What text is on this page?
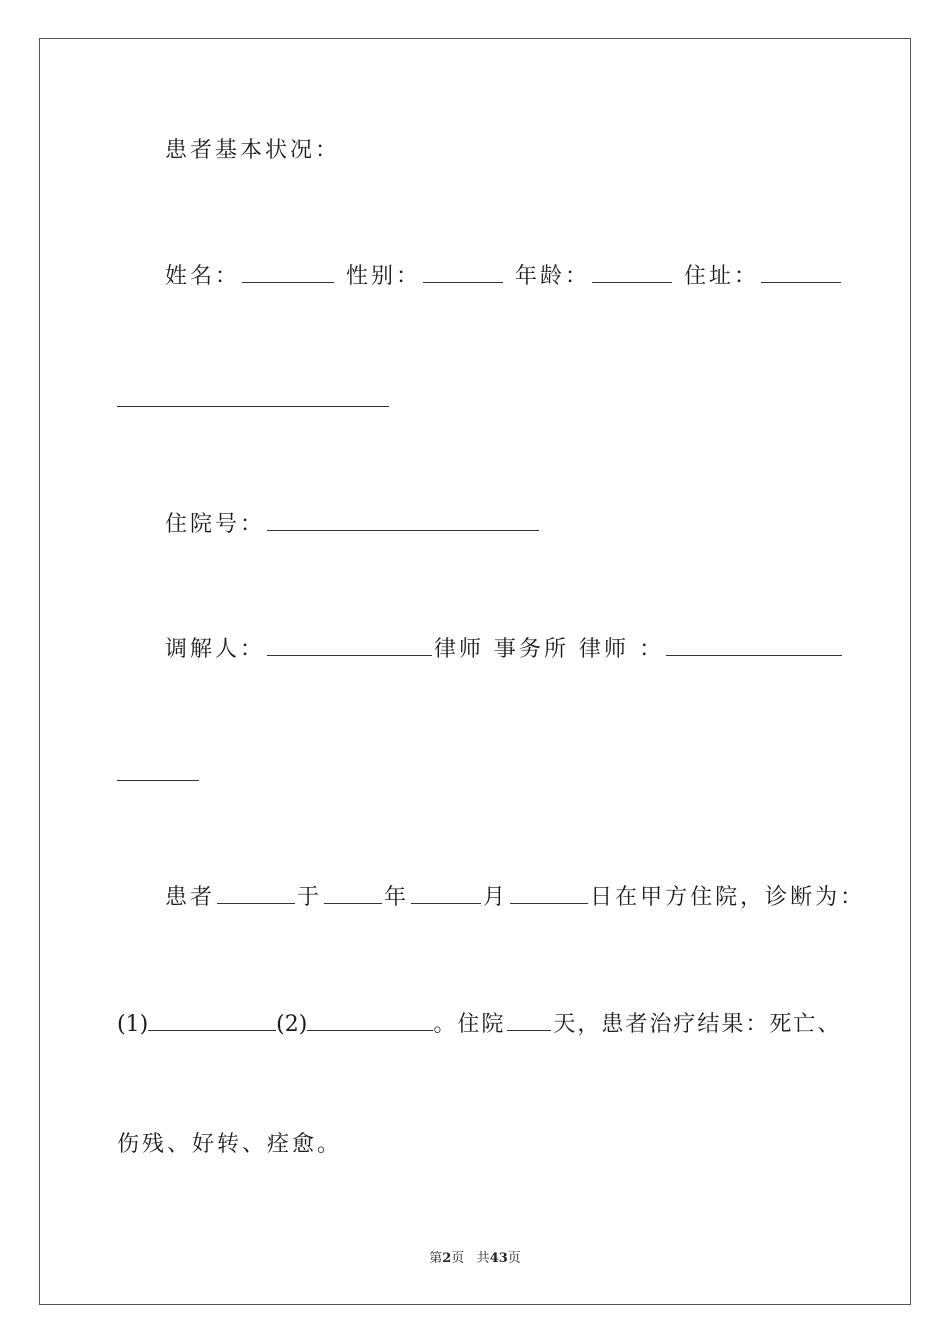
患者基本状况：
姓名：	性别：	年龄：	住址：
住院号：
调解人：	律师 事务所 律师 ：
患者	于	年	月	日在甲方住院，诊断为：
(1)	(2)	。住院 天，患者治疗结果：死亡、
伤残、好转、痊愈。
第2页 共43页
